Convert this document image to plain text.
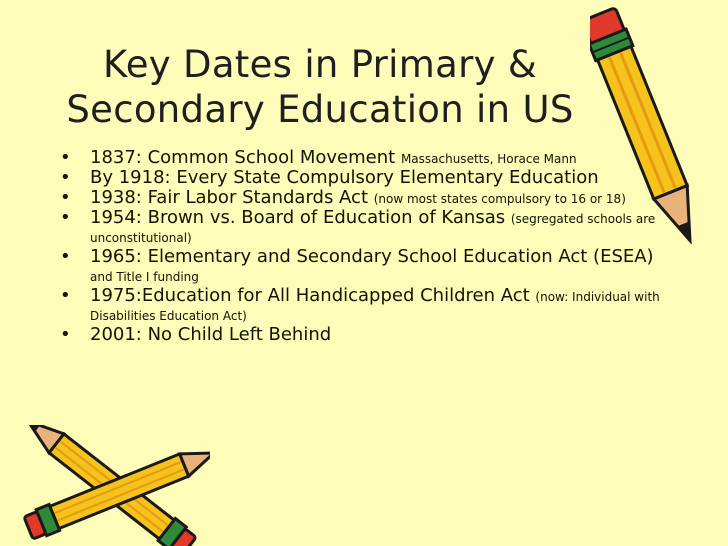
Key Dates in Primary & Secondary Education in US
• 1837: Common School Movement Massachusetts, Horace Mann
• By 1918: Every State Compulsory Elementary Education
• 1938: Fair Labor Standards Act (now most states compulsory to 16 or 18)
• 1954: Brown vs. Board of Education of Kansas (segregated schools are unconstitutional)
• 1965: Elementary and Secondary School Education Act (ESEA) and Title I funding
• 1975:Education for All Handicapped Children Act (now: Individual with Disabilities Education Act)
• 2001: No Child Left Behind
